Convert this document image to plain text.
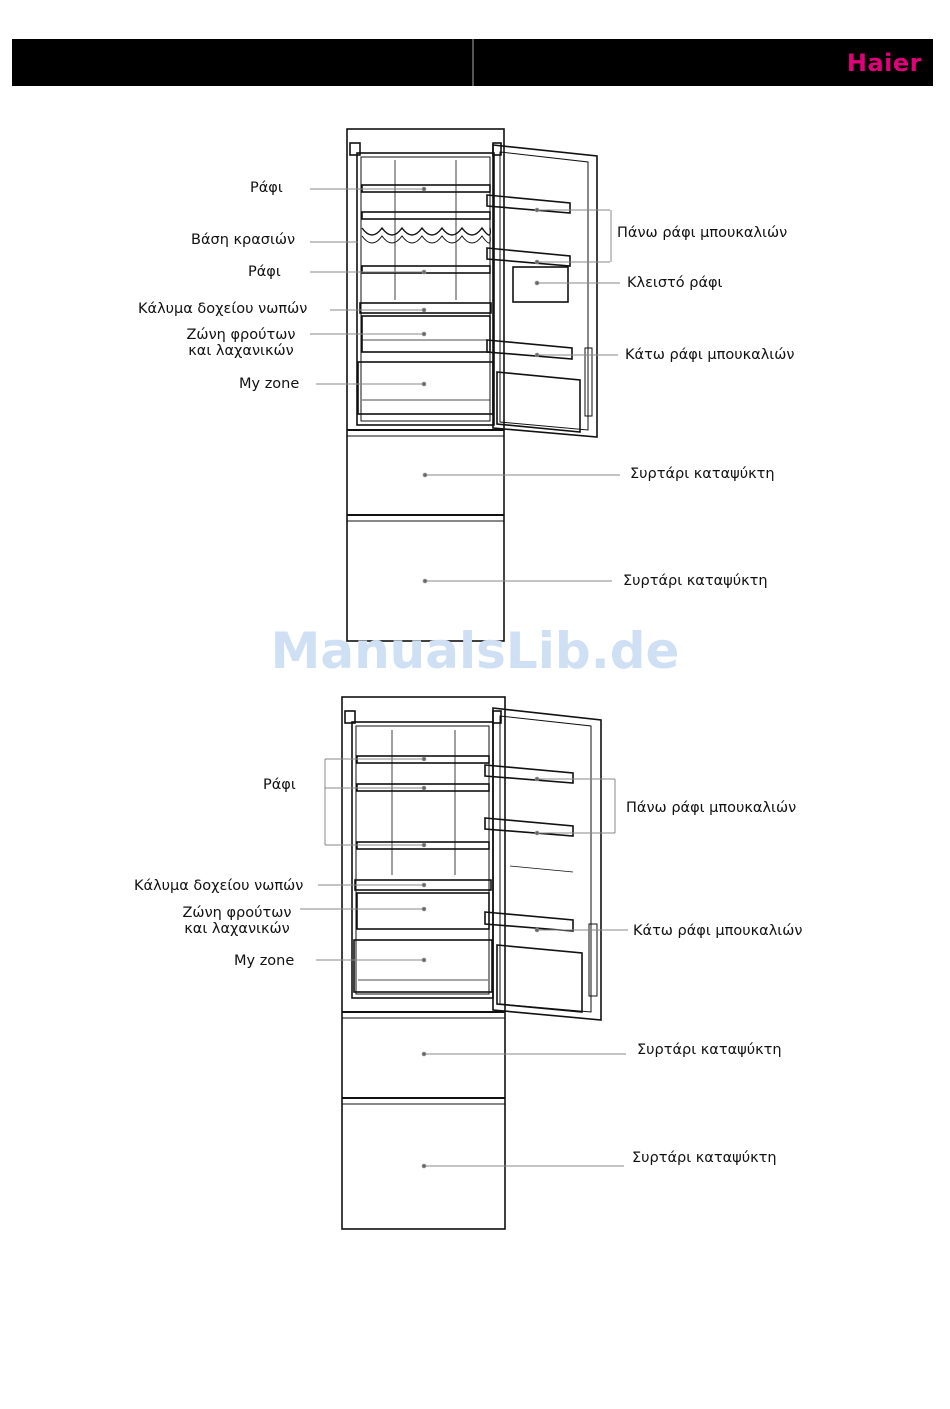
Haier
ManualsLib.de
Ράφι
Βάση κρασιών
Ράφι
Κάλυμα δοχείου νωπών
Ζώνη φρούτων
και λαχανικών
My zone
Πάνω ράφι μπουκαλιών
Κλειστό ράφι
Κάτω ράφι μπουκαλιών
Συρτάρι καταψύκτη
Συρτάρι καταψύκτη
Ράφι
Κάλυμα δοχείου νωπών
Ζώνη φρούτων
και λαχανικών
My zone
Πάνω ράφι μπουκαλιών
Κάτω ράφι μπουκαλιών
Συρτάρι καταψύκτη
Συρτάρι καταψύκτη
